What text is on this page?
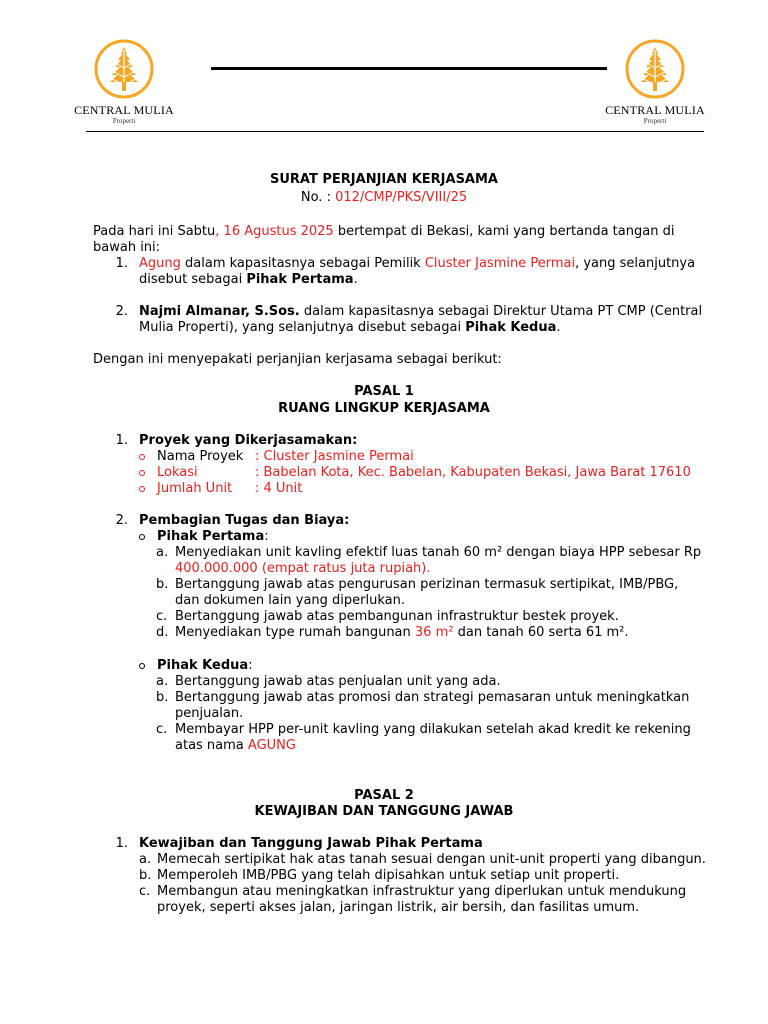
CENTRAL MULIA
Properti
CENTRAL MULIA
Properti
SURAT PERJANJIAN KERJASAMA
No. : 012/CMP/PKS/VIII/25
Pada hari ini Sabtu, 16 Agustus 2025 bertempat di Bekasi, kami yang bertanda tangan di
bawah ini:
1. Agung dalam kapasitasnya sebagai Pemilik Cluster Jasmine Permai, yang selanjutnya
disebut sebagai Pihak Pertama.
2. Najmi Almanar, S.Sos. dalam kapasitasnya sebagai Direktur Utama PT CMP (Central
Mulia Properti), yang selanjutnya disebut sebagai Pihak Kedua.
Dengan ini menyepakati perjanjian kerjasama sebagai berikut:
PASAL 1
RUANG LINGKUP KERJASAMA
1. Proyek yang Dikerjasamakan:
Nama Proyek : Cluster Jasmine Permai
Lokasi	: Babelan Kota, Kec. Babelan, Kabupaten Bekasi, Jawa Barat 17610
Jumlah Unit : 4 Unit
2. Pembagian Tugas dan Biaya:
Pihak Pertama:
a. Menyediakan unit kavling efektif luas tanah 60 m² dengan biaya HPP sebesar Rp
400.000.000 (empat ratus juta rupiah).
b. Bertanggung jawab atas pengurusan perizinan termasuk sertipikat, IMB/PBG,
dan dokumen lain yang diperlukan.
c. Bertanggung jawab atas pembangunan infrastruktur bestek proyek.
d. Menyediakan type rumah bangunan 36 m² dan tanah 60 serta 61 m².
Pihak Kedua:
a. Bertanggung jawab atas penjualan unit yang ada.
b. Bertanggung jawab atas promosi dan strategi pemasaran untuk meningkatkan
penjualan.
c. Membayar HPP per-unit kavling yang dilakukan setelah akad kredit ke rekening
atas nama AGUNG
PASAL 2
KEWAJIBAN DAN TANGGUNG JAWAB
1. Kewajiban dan Tanggung Jawab Pihak Pertama
a. Memecah sertipikat hak atas tanah sesuai dengan unit-unit properti yang dibangun.
b. Memperoleh IMB/PBG yang telah dipisahkan untuk setiap unit properti.
c. Membangun atau meningkatkan infrastruktur yang diperlukan untuk mendukung
proyek, seperti akses jalan, jaringan listrik, air bersih, dan fasilitas umum.
